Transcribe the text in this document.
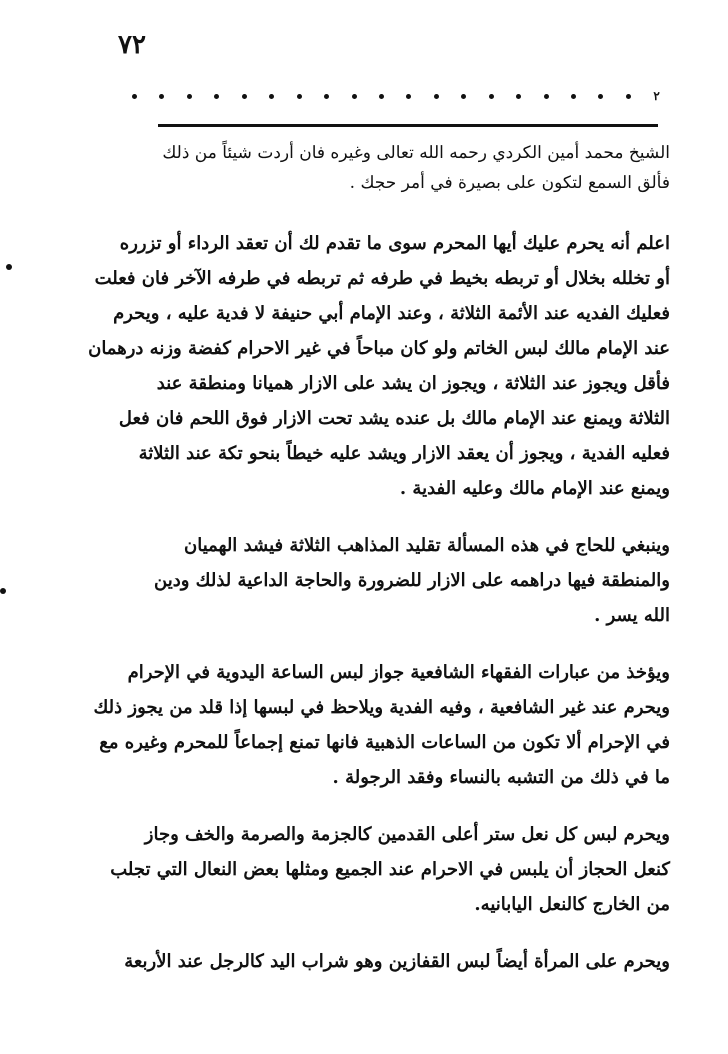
٧٢
٢
الشيخ محمد أمين الكردي رحمه الله تعالى وغيره فان أردت شيئاً من ذلك
فألق السمع لتكون على بصيرة في أمر حجك .
اعلم أنه يحرم عليك أيها المحرم سوى ما تقدم لك أن تعقد الرداء أو تزرره
أو تخلله بخلال أو تربطه بخيط في طرفه ثم تربطه في طرفه الآخر فان فعلت
فعليك الفديه عند الأئمة الثلاثة ، وعند الإمام أبي حنيفة لا فدية عليه ، ويحرم
عند الإمام مالك لبس الخاتم ولو كان مباحاً في غير الاحرام كفضة وزنه درهمان
فأقل ويجوز عند الثلاثة ، ويجوز ان يشد على الازار هميانا ومنطقة عند
الثلاثة ويمنع عند الإمام مالك بل عنده يشد تحت الازار فوق اللحم فان فعل
فعليه الفدية ، ويجوز أن يعقد الازار ويشد عليه خيطاً بنحو تكة عند الثلاثة
ويمنع عند الإمام مالك وعليه الفدية .
وينبغي للحاج في هذه المسألة تقليد المذاهب الثلاثة فيشد الهميان
والمنطقة فيها دراهمه على الازار للضرورة والحاجة الداعية لذلك ودين
الله يسر .
ويؤخذ من عبارات الفقهاء الشافعية جواز لبس الساعة اليدوية في الإحرام
ويحرم عند غير الشافعية ، وفيه الفدية ويلاحظ في لبسها إذا قلد من يجوز ذلك
في الإحرام ألا تكون من الساعات الذهبية فانها تمنع إجماعاً للمحرم وغيره مع
ما في ذلك من التشبه بالنساء وفقد الرجولة .
ويحرم لبس كل نعل ستر أعلى القدمين كالجزمة والصرمة والخف وجاز
كنعل الحجاز أن يلبس في الاحرام عند الجميع ومثلها بعض النعال التي تجلب
من الخارج كالنعل اليابانيه.
ويحرم على المرأة أيضاً لبس القفازين وهو شراب اليد كالرجل عند الأربعة
